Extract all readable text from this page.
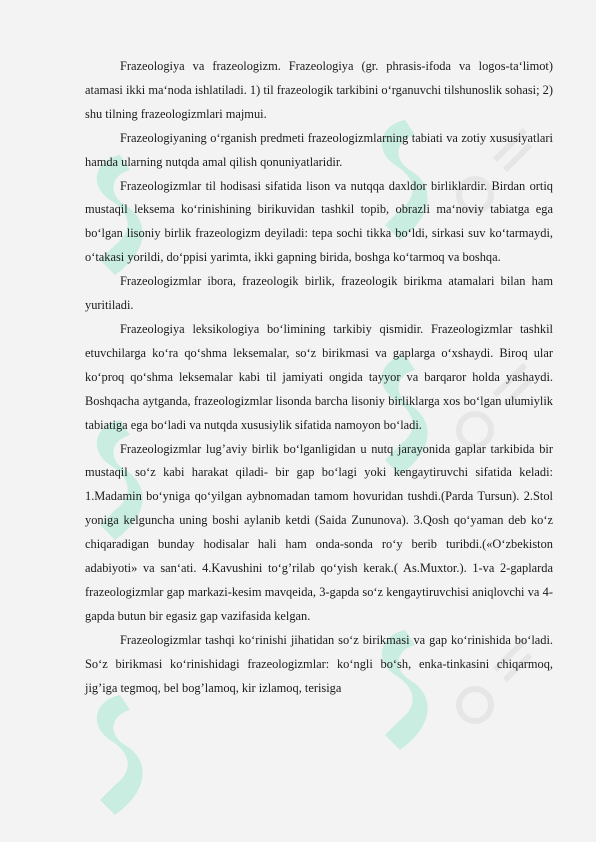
Frazeologiya va frazeologizm. Frazeologiya (gr. phrasis-ifoda va logos-ta‘limot) atamasi ikki ma‘noda ishlatiladi. 1) til frazeologik tarkibini o‘rganuvchi tilshunoslik sohasi; 2) shu tilning frazeologizmlari majmui.

Frazeologiyaning o‘rganish predmeti frazeologizmlarning tabiati va zotiy xususiyatlari hamda ularning nutqda amal qilish qonuniyatlaridir.

Frazeologizmlar til hodisasi sifatida lison va nutqqa daxldor birliklardir. Birdan ortiq mustaqil leksema ko‘rinishining birikuvidan tashkil topib, obrazli ma‘noviy tabiatga ega bo‘lgan lisoniy birlik frazeologizm deyiladi: tepa sochi tikka bo‘ldi, sirkasi suv ko‘tarmaydi, o‘takasi yorildi, do‘ppisi yarimta, ikki gapning birida, boshga ko‘tarmoq va boshqa.

Frazeologizmlar ibora, frazeologik birlik, frazeologik birikma atamalari bilan ham yuritiladi.

Frazeologiya leksikologiya bo‘limining tarkibiy qismidir. Frazeologizmlar tashkil etuvchilarga ko‘ra qo‘shma leksemalar, so‘z birikmasi va gaplarga o‘xshaydi. Biroq ular ko‘proq qo‘shma leksemalar kabi til jamiyati ongida tayyor va barqaror holda yashaydi. Boshqacha aytganda, frazeologizmlar lisonda barcha lisoniy birliklarga xos bo‘lgan ulumiylik tabiatiga ega bo‘ladi va nutqda xususiylik sifatida namoyon bo‘ladi.

Frazeologizmlar lug’aviy birlik bo‘lganligidan u nutq jarayonida gaplar tarkibida bir mustaqil so‘z kabi harakat qiladi- bir gap bo‘lagi yoki kengaytiruvchi sifatida keladi: 1.Madamin bo‘yniga qo‘yilgan aybnomadan tamom hovuridan tushdi.(Parda Tursun). 2.Stol yoniga kelguncha uning boshi aylanib ketdi (Saida Zununova). 3.Qosh qo‘yaman deb ko‘z chiqaradigan bunday hodisalar hali ham onda-sonda ro‘y berib turibdi.(«O‘zbekiston adabiyoti» va san‘ati. 4.Kavushini to‘g’rilab qo‘yish kerak.( As.Muxtor.). 1-va 2-gaplarda frazeologizmlar gap markazi-kesim mavqeida, 3-gapda so‘z kengaytiruvchisi aniqlovchi va 4-gapda butun bir egasiz gap vazifasida kelgan.

Frazeologizmlar tashqi ko‘rinishi jihatidan so‘z birikmasi va gap ko‘rinishida bo‘ladi. So‘z birikmasi ko‘rinishidagi frazeologizmlar: ko‘ngli bo‘sh, enka-tinkasini chiqarmoq, jig’iga tegmoq, bel bog’lamoq, kir izlamoq, terisiga
